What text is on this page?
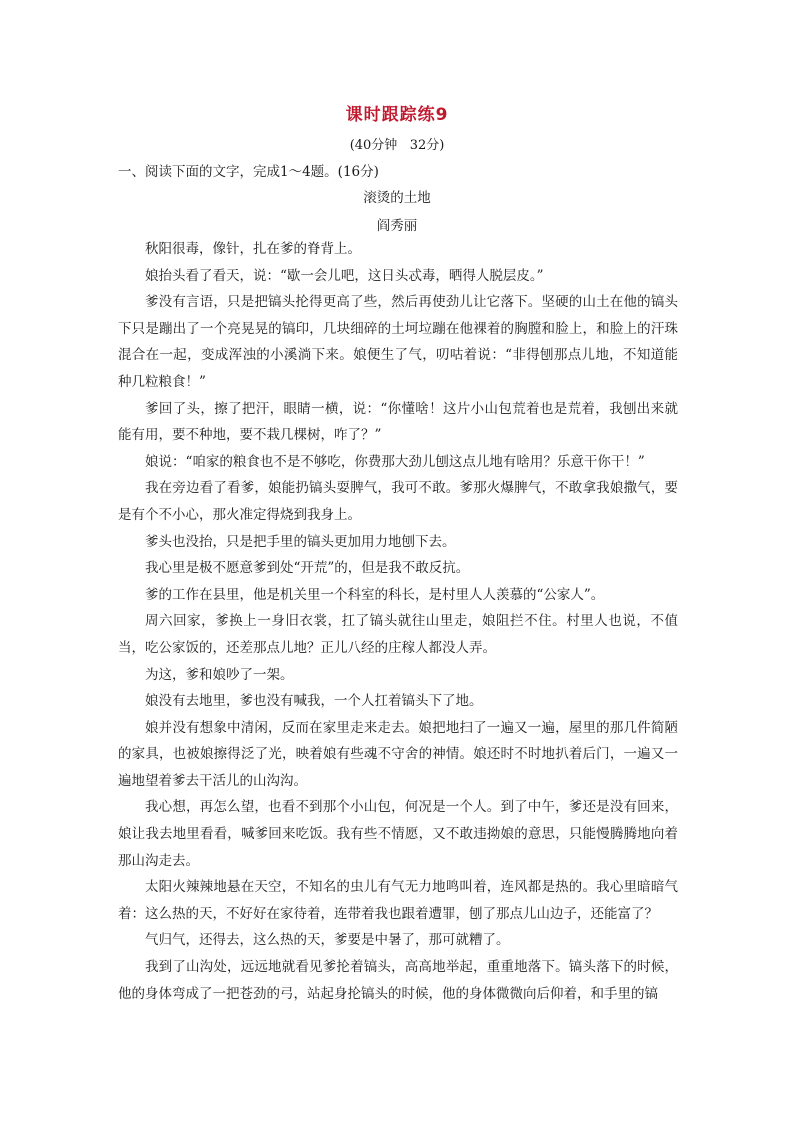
课时跟踪练9
(40分钟   32分)
一、阅读下面的文字，完成1～4题。(16分)
滚烫的土地
阎秀丽

秋阳很毒，像针，扎在爹的脊背上。

娘抬头看了看天，说：“歇一会儿吧，这日头忒毒，晒得人脱层皮。”

爹没有言语，只是把镐头抡得更高了些，然后再使劲儿让它落下。坚硬的山土在他的镐头下只是蹦出了一个亮晃晃的镐印，几块细碎的土坷垃蹦在他裸着的胸膛和脸上，和脸上的汗珠混合在一起，变成浑浊的小溪淌下来。娘便生了气，叨咕着说：“非得刨那点儿地，不知道能种几粒粮食！”

爹回了头，擦了把汗，眼睛一横，说：“你懂啥！这片小山包荒着也是荒着，我刨出来就能有用，要不种地，要不栽几棵树，咋了？”

娘说：“咱家的粮食也不是不够吃，你费那大劲儿刨这点儿地有啥用？乐意干你干！”

我在旁边看了看爹，娘能扔镐头耍脾气，我可不敢。爹那火爆脾气，不敢拿我娘撒气，要是有个不小心，那火准定得烧到我身上。

爹头也没抬，只是把手里的镐头更加用力地刨下去。

我心里是极不愿意爹到处“开荒”的，但是我不敢反抗。

爹的工作在县里，他是机关里一个科室的科长，是村里人人羡慕的“公家人”。

周六回家，爹换上一身旧衣裳，扛了镐头就往山里走，娘阻拦不住。村里人也说，不值当，吃公家饭的，还差那点儿地？正儿八经的庄稼人都没人弄。

为这，爹和娘吵了一架。

娘没有去地里，爹也没有喊我，一个人扛着镐头下了地。

娘并没有想象中清闲，反而在家里走来走去。娘把地扫了一遍又一遍，屋里的那几件简陋的家具，也被娘擦得泛了光，映着娘有些魂不守舍的神情。娘还时不时地扒着后门，一遍又一遍地望着爹去干活儿的山沟沟。

我心想，再怎么望，也看不到那个小山包，何况是一个人。到了中午，爹还是没有回来，娘让我去地里看看，喊爹回来吃饭。我有些不情愿，又不敢违拗娘的意思，只能慢腾腾地向着那山沟走去。

太阳火辣辣地悬在天空，不知名的虫儿有气无力地鸣叫着，连风都是热的。我心里暗暗气着：这么热的天，不好好在家待着，连带着我也跟着遭罪，刨了那点儿山边子，还能富了？

气归气，还得去，这么热的天，爹要是中暑了，那可就糟了。

我到了山沟处，远远地就看见爹抡着镐头，高高地举起，重重地落下。镐头落下的时候，他的身体弯成了一把苍劲的弓，站起身抡镐头的时候，他的身体微微向后仰着，和手里的镐
